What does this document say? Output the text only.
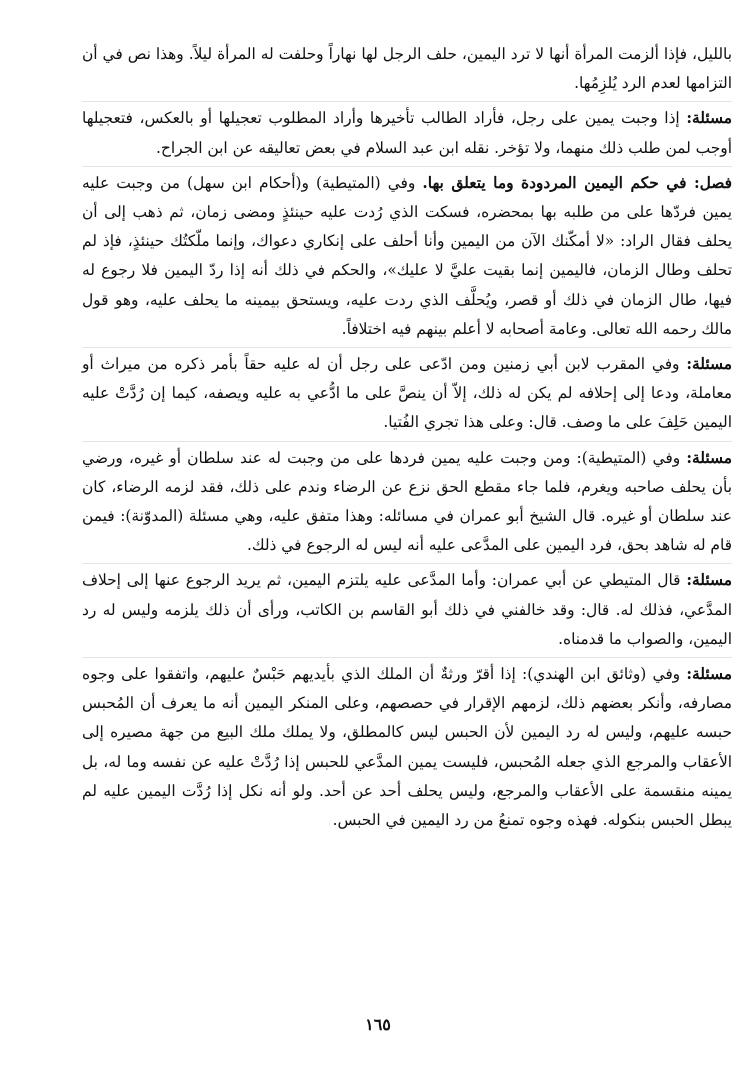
بالليل، فإذا ألزمت المرأة أنها لا ترد اليمين، حلف الرجل لها نهاراً وحلفت له المرأة ليلاً. وهذا نص في أن التزامها لعدم الرد يُلزِمُها.

مسئلة: إذا وجبت يمين على رجل، فأراد الطالب تأخيرها وأراد المطلوب تعجيلها أو بالعكس، فتعجيلها أوجب لمن طلب ذلك منهما، ولا تؤخر. نقله ابن عبد السلام في بعض تعاليقه عن ابن الجراح.

فصل: في حكم اليمين المردودة وما يتعلق بها. وفي (المتيطية) و(أحكام ابن سهل) من وجبت عليه يمين فردّها على من طلبه بها بمحضره، فسكت الذي رُدت عليه حينئذٍ ومضى زمان، ثم ذهب إلى أن يحلف فقال الراد: «لا أمكّنك الآن من اليمين وأنا أحلف على إنكاري دعواك، وإنما ملّكتُك حينئذٍ، فإذ لم تحلف وطال الزمان، فاليمين إنما بقيت عليَّ لا عليك»، والحكم في ذلك أنه إذا ردّ اليمين فلا رجوع له فيها، طال الزمان في ذلك أو قصر، ويُحلَّف الذي ردت عليه، ويستحق بيمينه ما يحلف عليه، وهو قول مالك رحمه الله تعالى. وعامة أصحابه لا أعلم بينهم فيه اختلافاً.

مسئلة: وفي المقرب لابن أبي زمنين ومن ادّعى على رجل أن له عليه حقاً بأمر ذكره من ميراث أو معاملة، ودعا إلى إحلافه لم يكن له ذلك، إلاّ أن ينصَّ على ما ادُّعي به عليه ويصفه، كيما إن رُدَّتْ عليه اليمين حَلِفَ على ما وصف. قال: وعلى هذا تجري الفُتيا.

مسئلة: وفي (المتيطية): ومن وجبت عليه يمين فردها على من وجبت له عند سلطان أو غيره، ورضي بأن يحلف صاحبه ويغرم، فلما جاء مقطع الحق نزع عن الرضاء وندم على ذلك، فقد لزمه الرضاء، كان عند سلطان أو غيره. قال الشيخ أبو عمران في مسائله: وهذا متفق عليه، وهي مسئلة (المدوّنة): فيمن قام له شاهد بحق، فرد اليمين على المدَّعى عليه أنه ليس له الرجوع في ذلك.

مسئلة: قال المتيطي عن أبي عمران: وأما المدَّعى عليه يلتزم اليمين، ثم يريد الرجوع عنها إلى إحلاف المدَّعي، فذلك له. قال: وقد خالفني في ذلك أبو القاسم بن الكاتب، ورأى أن ذلك يلزمه وليس له رد اليمين، والصواب ما قدمناه.

مسئلة: وفي (وثائق ابن الهندي): إذا أقرّ ورثةٌ أن الملك الذي بأيديهم حَبْسٌ عليهم، واتفقوا على وجوه مصارفه، وأنكر بعضهم ذلك، لزمهم الإقرار في حصصهم، وعلى المنكر اليمين أنه ما يعرف أن المُحبس حبسه عليهم، وليس له رد اليمين لأن الحبس ليس كالمطلق، ولا يملك ملك البيع من جهة مصيره إلى الأعقاب والمرجع الذي جعله المُحبس، فليست يمين المدَّعي للحبس إذا رُدَّتْ عليه عن نفسه وما له، بل يمينه منقسمة على الأعقاب والمرجع، وليس يحلف أحد عن أحد. ولو أنه نكل إذا رُدَّت اليمين عليه لم يبطل الحبس بنكوله. فهذه وجوه تمنعُ من رد اليمين في الحبس.

١٦٥
